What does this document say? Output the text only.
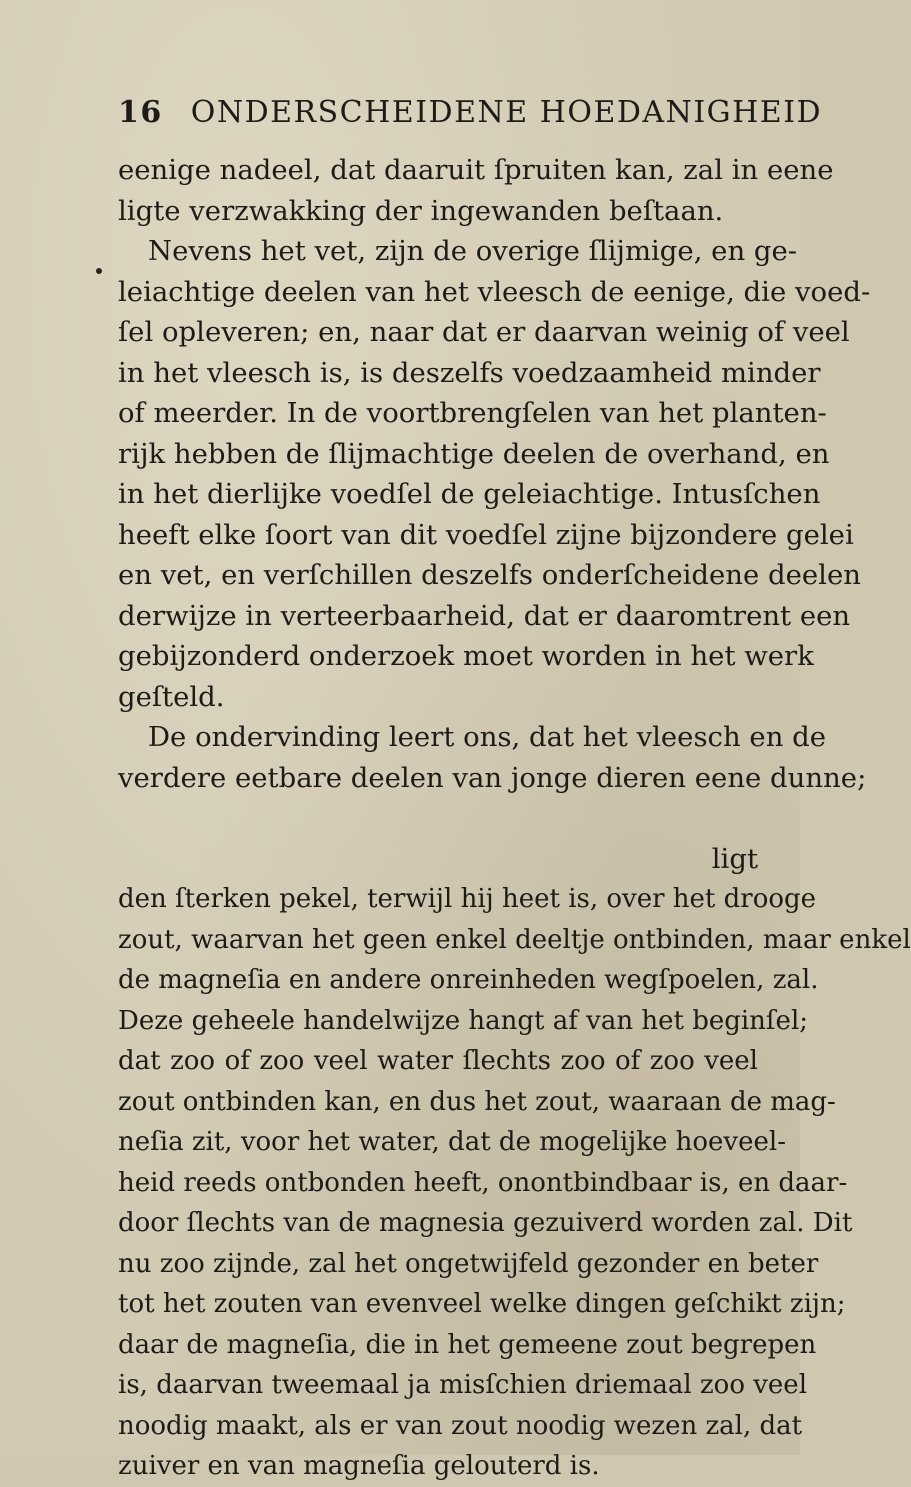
16 ONDERSCHEIDENE HOEDANIGHEID
eenige nadeel, dat daaruit ſpruiten kan, zal in eene
ligte verzwakking der ingewanden beſtaan.
Nevens het vet, zijn de overige ſlijmige, en ge-
leiachtige deelen van het vleesch de eenige, die voed-
ſel opleveren; en, naar dat er daarvan weinig of veel
in het vleesch is, is deszelfs voedzaamheid minder
of meerder. In de voortbrengſelen van het planten-
rijk hebben de ſlijmachtige deelen de overhand, en
in het dierlijke voedſel de geleiachtige. Intusſchen
heeft elke ſoort van dit voedſel zijne bijzondere gelei
en vet, en verſchillen deszelfs onderſcheidene deelen
derwijze in verteerbaarheid, dat er daaromtrent een
gebijzonderd onderzoek moet worden in het werk
geſteld.
De ondervinding leert ons, dat het vleesch en de
verdere eetbare deelen van jonge dieren eene dunne;
ligt
den ſterken pekel, terwijl hij heet is, over het drooge
zout, waarvan het geen enkel deeltje ontbinden, maar enkel
de magneſia en andere onreinheden wegſpoelen, zal.
Deze geheele handelwijze hangt af van het beginſel;
dat zoo of zoo veel water ſlechts zoo of zoo veel
zout ontbinden kan, en dus het zout, waaraan de mag-
neſia zit, voor het water, dat de mogelijke hoeveel-
heid reeds ontbonden heeft, onontbindbaar is, en daar-
door ſlechts van de magnesia gezuiverd worden zal. Dit
nu zoo zijnde, zal het ongetwijfeld gezonder en beter
tot het zouten van evenveel welke dingen geſchikt zijn;
daar de magneſia, die in het gemeene zout begrepen
is, daarvan tweemaal ja misſchien driemaal zoo veel
noodig maakt, als er van zout noodig wezen zal, dat
zuiver en van magneſia gelouterd is.
